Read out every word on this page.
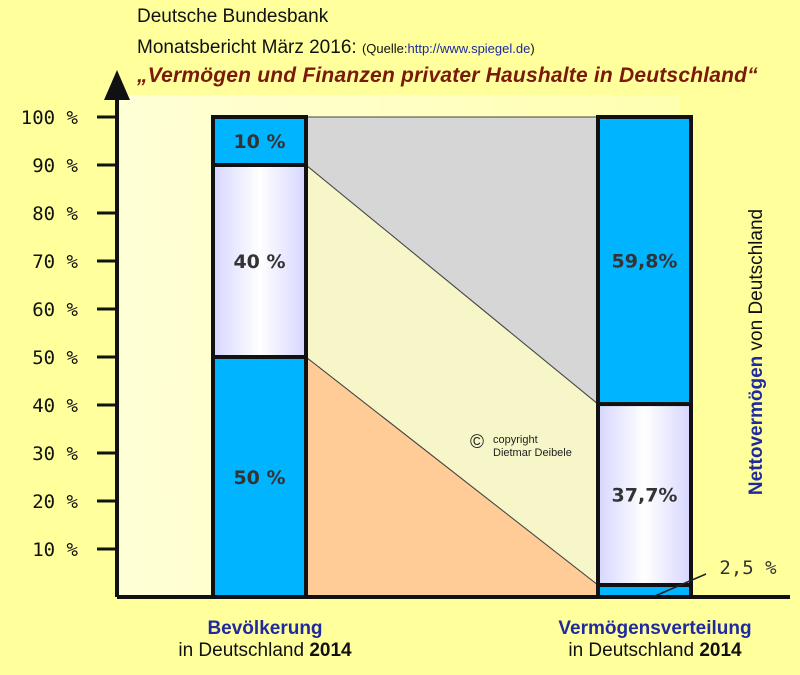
10 %
20 %
30 %
40 %
50 %
60 %
70 %
80 %
90 %
100 %
50 %
40 %
10 %
2,5 %
37,7%
59,8%
Deutsche Bundesbank
Monatsbericht März 2016: (Quelle:http://www.spiegel.de)
„Vermögen und Finanzen privater Haushalte in Deutschland“
Bevölkerung
in Deutschland 2014
Vermögensverteilung
in Deutschland 2014
© copyright
Dietmar Deibele	Nettovermögen von Deutschland
